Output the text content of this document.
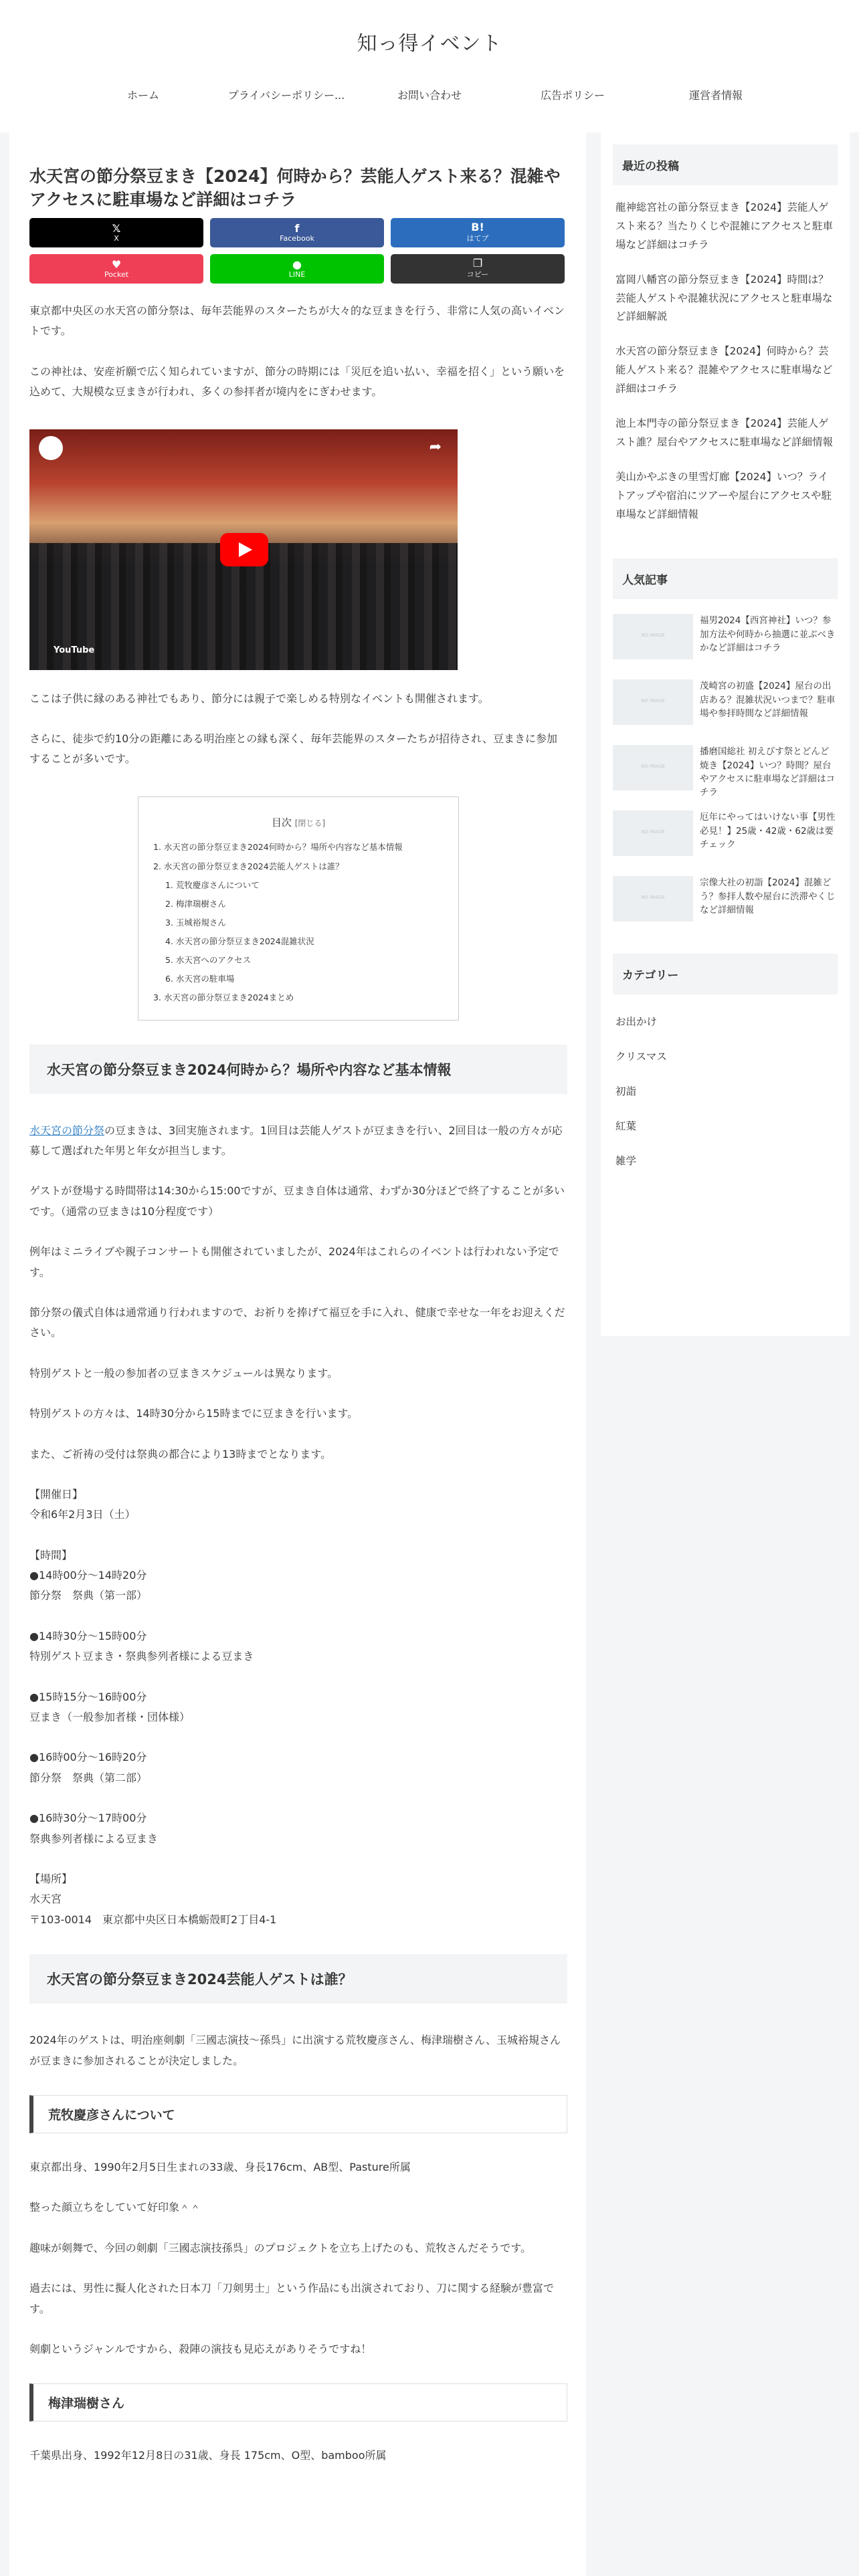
知っ得イベント
ホーム	プライバシーポリシー...	お問い合わせ	広告ポリシー	運営者情報
水天宮の節分祭豆まき【2024】何時から？芸能人ゲスト来る？混雑やアクセスに駐車場など詳細はコチラ
𝕏
X
f
Facebook
B!
はてブ
♥
Pocket
●
LINE
❐
コピー

東京都中央区の水天宮の節分祭は、毎年芸能界のスターたちが大々的な豆まきを行う、非常に人気の高いイベントです。

この神社は、安産祈願で広く知られていますが、節分の時期には「災厄を追い払い、幸福を招く」という願いを込めて、大規模な豆まきが行われ、多くの参拝者が境内をにぎわせます。

➦
YouTube

ここは子供に縁のある神社でもあり、節分には親子で楽しめる特別なイベントも開催されます。

さらに、徒歩で約10分の距離にある明治座との縁も深く、毎年芸能界のスターたちが招待され、豆まきに参加することが多いです。

目次 [閉じる]
1. 水天宮の節分祭豆まき2024何時から？場所や内容など基本情報
2. 水天宮の節分祭豆まき2024芸能人ゲストは誰？
1. 荒牧慶彦さんについて
2. 梅津瑞樹さん
3. 玉城裕規さん
4. 水天宮の節分祭豆まき2024混雑状況
5. 水天宮へのアクセス
6. 水天宮の駐車場
3. 水天宮の節分祭豆まき2024まとめ
水天宮の節分祭豆まき2024何時から？場所や内容など基本情報

水天宮の節分祭の豆まきは、3回実施されます。1回目は芸能人ゲストが豆まきを行い、2回目は一般の方々が応募して選ばれた年男と年女が担当します。

ゲストが登場する時間帯は14:30から15:00ですが、豆まき自体は通常、わずか30分ほどで終了することが多いです。（通常の豆まきは10分程度です）

例年はミニライブや親子コンサートも開催されていましたが、2024年はこれらのイベントは行われない予定です。

節分祭の儀式自体は通常通り行われますので、お祈りを捧げて福豆を手に入れ、健康で幸せな一年をお迎えください。

特別ゲストと一般の参加者の豆まきスケジュールは異なります。

特別ゲストの方々は、14時30分から15時までに豆まきを行います。

また、ご祈祷の受付は祭典の都合により13時までとなります。

【開催日】
令和6年2月3日（土）

【時間】

●14時00分〜14時20分
節分祭　祭典（第一部）

●14時30分〜15時00分
特別ゲスト豆まき・祭典参列者様による豆まき

●15時15分〜16時00分
豆まき（一般参加者様・団体様）

●16時00分〜16時20分
節分祭　祭典（第二部）

●16時30分〜17時00分
祭典参列者様による豆まき

【場所】
水天宮
〒103-0014　東京都中央区日本橋蛎殻町2丁目4-1

水天宮の節分祭豆まき2024芸能人ゲストは誰？

2024年のゲストは、明治座剣劇「三國志演技〜孫呉」に出演する荒牧慶彦さん、梅津瑞樹さん、玉城裕規さんが豆まきに参加されることが決定しました。

荒牧慶彦さんについて

東京都出身、1990年2月5日生まれの33歳、身長176cm、AB型、Pasture所属

整った顔立ちをしていて好印象＾＾

趣味が剣舞で、今回の剣劇「三國志演技孫呉」のプロジェクトを立ち上げたのも、荒牧さんだそうです。

過去には、男性に擬人化された日本刀「刀剣男士」という作品にも出演されており、刀に関する経験が豊富です。

剣劇というジャンルですから、殺陣の演技も見応えがありそうですね！

梅津瑞樹さん

千葉県出身、1992年12月8日の31歳、身長 175cm、O型、bamboo所属

最近の投稿
龍神総宮社の節分祭豆まき【2024】芸能人ゲスト来る？当たりくじや混雑にアクセスと駐車場など詳細はコチラ
富岡八幡宮の節分祭豆まき【2024】時間は？芸能人ゲストや混雑状況にアクセスと駐車場など詳細解説
水天宮の節分祭豆まき【2024】何時から？芸能人ゲスト来る？混雑やアクセスに駐車場など詳細はコチラ
池上本門寺の節分祭豆まき【2024】芸能人ゲスト誰？屋台やアクセスに駐車場など詳細情報
美山かやぶきの里雪灯廊【2024】いつ？ライトアップや宿泊にツアーや屋台にアクセスや駐車場など詳細情報
人気記事
NO IMAGE
福男2024【西宮神社】いつ？参加方法や何時から抽選に並ぶべきかなど詳細はコチラ
NO IMAGE
茂崎宮の初盛【2024】屋台の出店ある？混雑状況いつまで？駐車場や参拝時間など詳細情報
NO IMAGE
播磨国総社 初えびす祭とどんど焼き【2024】いつ？時間？屋台やアクセスに駐車場など詳細はコチラ
NO IMAGE
厄年にやってはいけない事【男性必見！】25歳・42歳・62歳は要チェック
NO IMAGE
宗像大社の初詣【2024】混雑どう？参拝人数や屋台に渋滞やくじなど詳細情報
カテゴリー
お出かけ
クリスマス
初詣
紅葉
雑学
